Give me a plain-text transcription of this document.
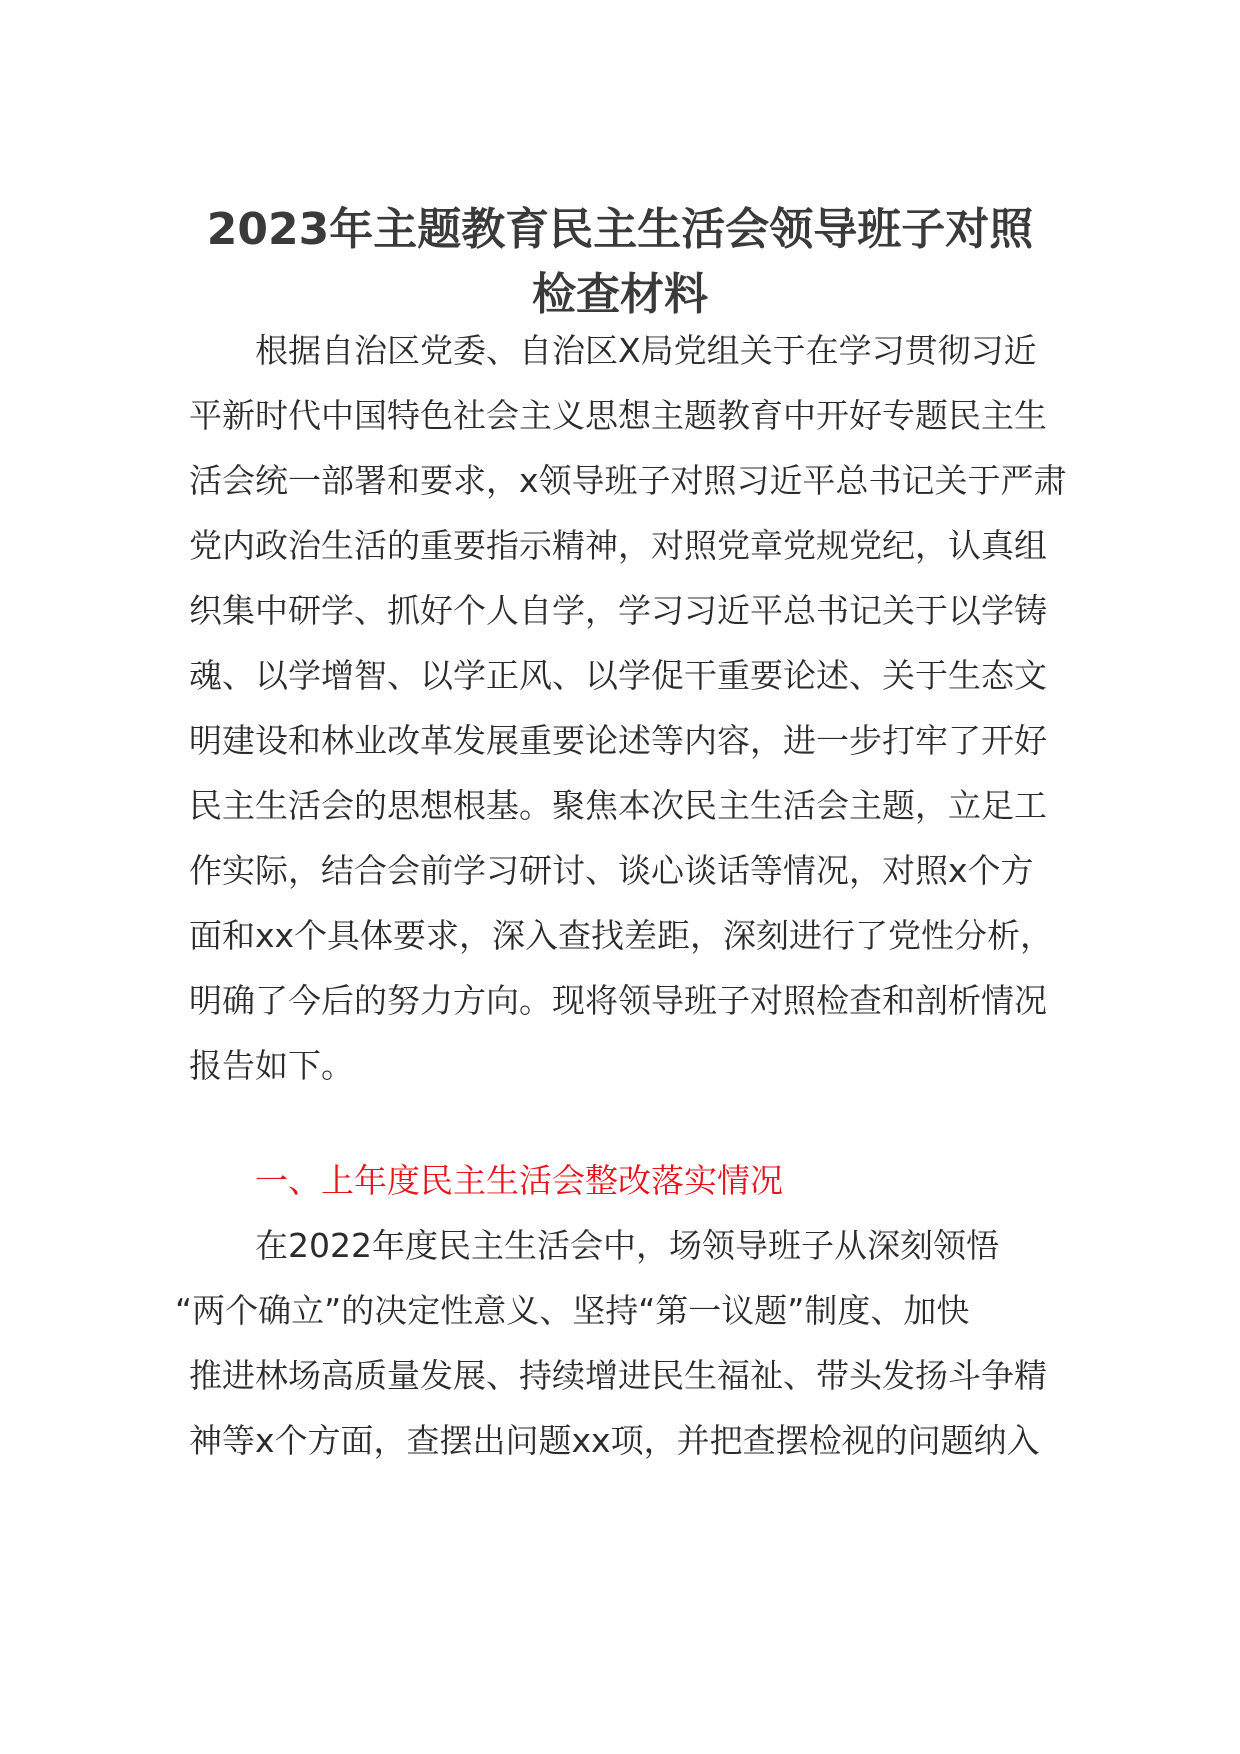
2023年主题教育民主生活会领导班子对照
检查材料
根据自治区党委、自治区X局党组关于在学习贯彻习近
平新时代中国特色社会主义思想主题教育中开好专题民主生
活会统一部署和要求，x领导班子对照习近平总书记关于严肃
党内政治生活的重要指示精神，对照党章党规党纪，认真组
织集中研学、抓好个人自学，学习习近平总书记关于以学铸
魂、以学增智、以学正风、以学促干重要论述、关于生态文
明建设和林业改革发展重要论述等内容，进一步打牢了开好
民主生活会的思想根基。聚焦本次民主生活会主题，立足工
作实际，结合会前学习研讨、谈心谈话等情况，对照x个方
面和xx个具体要求，深入查找差距，深刻进行了党性分析，
明确了今后的努力方向。现将领导班子对照检查和剖析情况
报告如下。
一、上年度民主生活会整改落实情况
在2022年度民主生活会中，场领导班子从深刻领悟
“两个确立”的决定性意义、坚持“第一议题”制度、加快
推进林场高质量发展、持续增进民生福祉、带头发扬斗争精
神等x个方面，查摆出问题xx项，并把查摆检视的问题纳入
